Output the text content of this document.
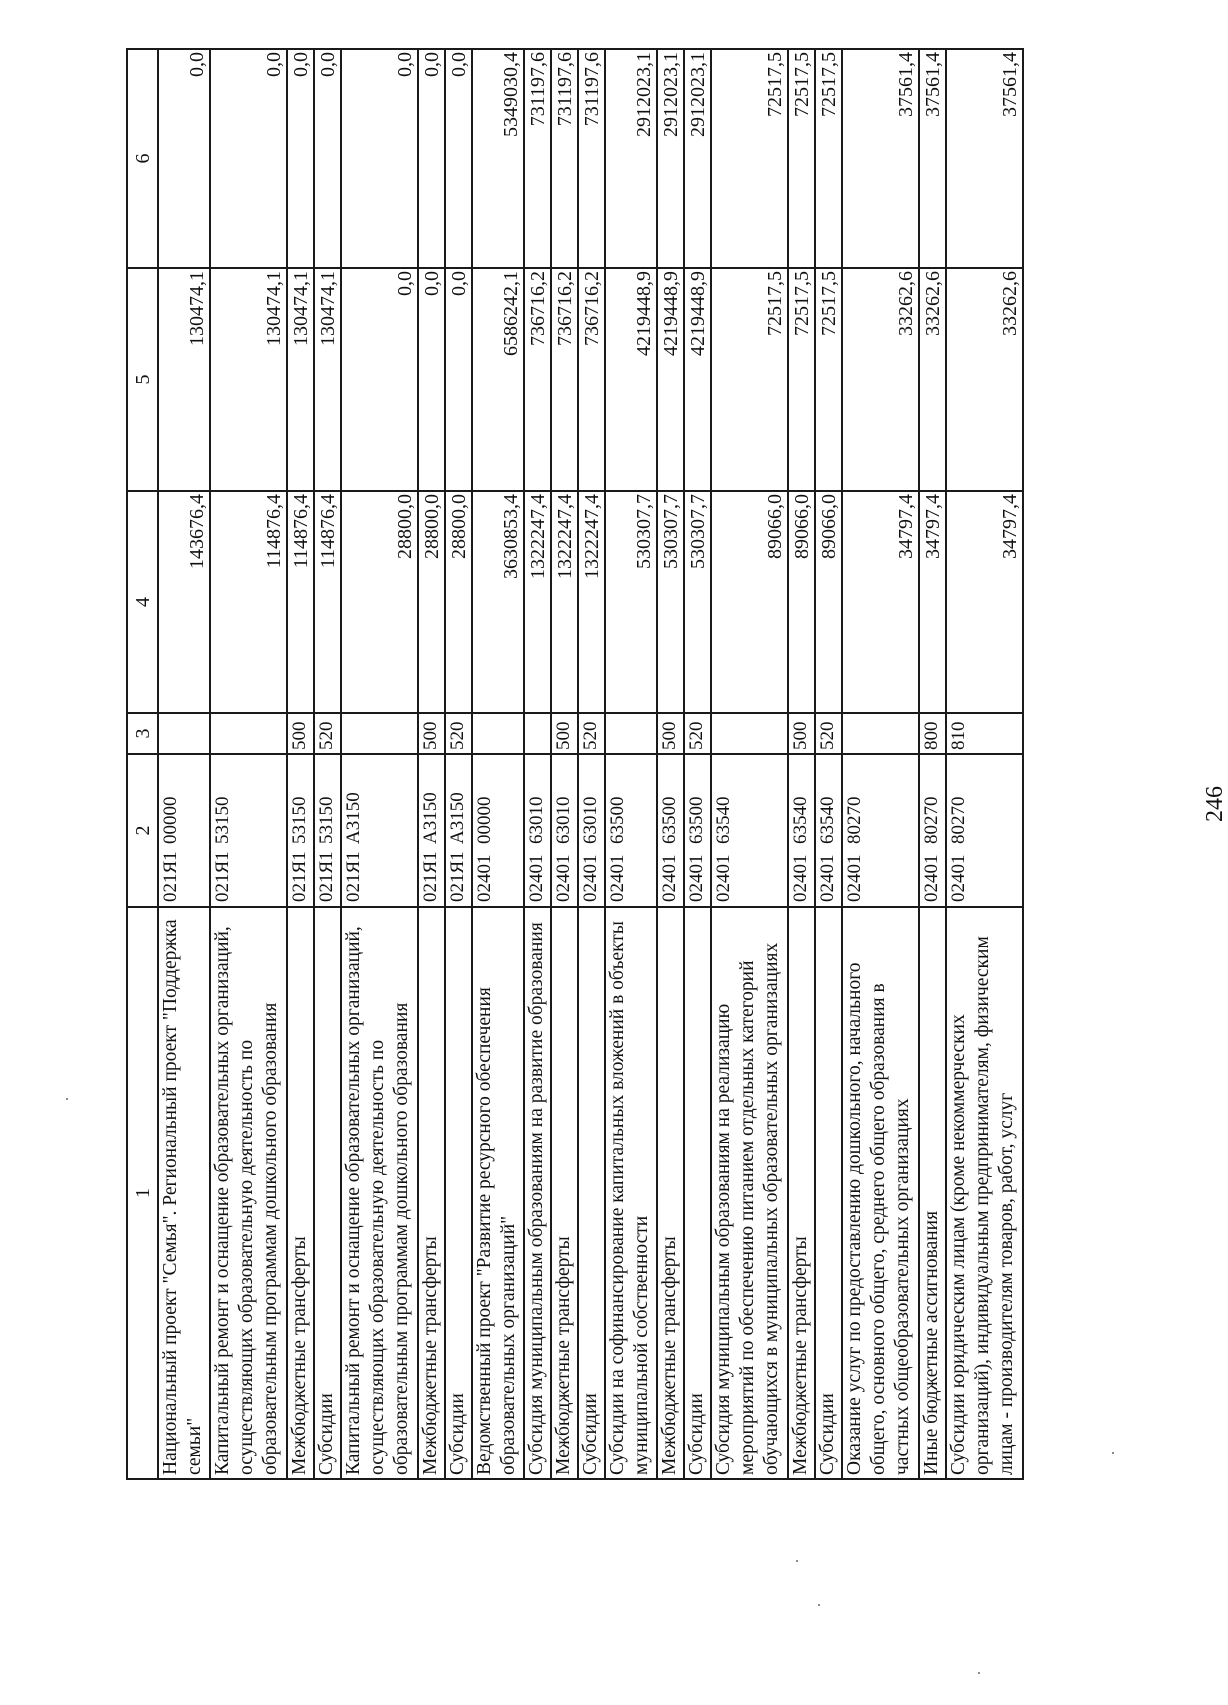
246
1	2	3	4	5	6
Национальный проект "Семья". Региональный проект "Поддержка семьи"	021Я100000		143676,4	130474,1	0,0
Капитальный ремонт и оснащение образовательных организаций, осуществляющих образовательную деятельность по образовательным программам дошкольного образования	021Я153150		114876,4	130474,1	0,0
Межбюджетные трансферты	021Я153150	500	114876,4	130474,1	0,0
Субсидии	021Я153150	520	114876,4	130474,1	0,0
Капитальный ремонт и оснащение образовательных организаций, осуществляющих образовательную деятельность по образовательным программам дошкольного образования	021Я1А3150		28800,0	0,0	0,0
Межбюджетные трансферты	021Я1А3150	500	28800,0	0,0	0,0
Субсидии	021Я1А3150	520	28800,0	0,0	0,0
Ведомственный проект "Развитие ресурсного обеспечения образовательных организаций"	0240100000		3630853,4	6586242,1	5349030,4
Субсидия муниципальным образованиям на развитие образования	0240163010		1322247,4	736716,2	731197,6
Межбюджетные трансферты	0240163010	500	1322247,4	736716,2	731197,6
Субсидии	0240163010	520	1322247,4	736716,2	731197,6
Субсидии на софинансирование капитальных вложений в объекты муниципальной собственности	0240163500		530307,7	4219448,9	2912023,1
Межбюджетные трансферты	0240163500	500	530307,7	4219448,9	2912023,1
Субсидии	0240163500	520	530307,7	4219448,9	2912023,1
Субсидия муниципальным образованиям на реализацию мероприятий по обеспечению питанием отдельных категорий обучающихся в муниципальных образовательных организациях	0240163540		89066,0	72517,5	72517,5
Межбюджетные трансферты	0240163540	500	89066,0	72517,5	72517,5
Субсидии	0240163540	520	89066,0	72517,5	72517,5
Оказание услуг по предоставлению дошкольного, начального общего, основного общего, среднего общего образования в частных общеобразовательных организациях	0240180270		34797,4	33262,6	37561,4
Иные бюджетные ассигнования	0240180270	800	34797,4	33262,6	37561,4
Субсидии юридическим лицам (кроме некоммерческих организаций), индивидуальным предпринимателям, физическим лицам - производителям товаров, работ, услуг	0240180270	810	34797,4	33262,6	37561,4
